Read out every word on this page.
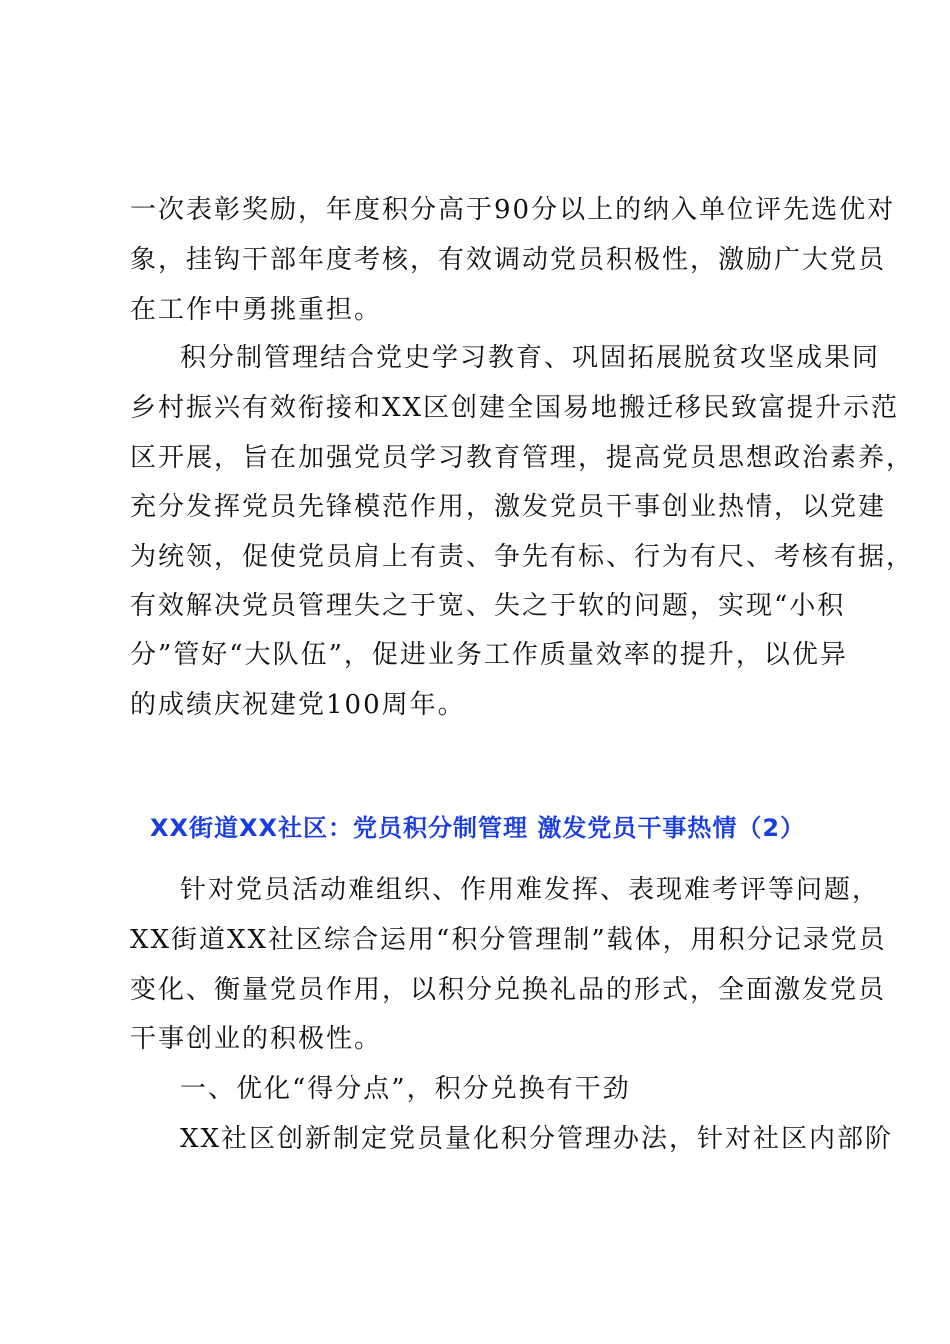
一次表彰奖励，年度积分高于90分以上的纳入单位评先选优对

象，挂钩干部年度考核，有效调动党员积极性，激励广大党员

在工作中勇挑重担。

积分制管理结合党史学习教育、巩固拓展脱贫攻坚成果同

乡村振兴有效衔接和XX区创建全国易地搬迁移民致富提升示范

区开展，旨在加强党员学习教育管理，提高党员思想政治素养，

充分发挥党员先锋模范作用，激发党员干事创业热情，以党建

为统领，促使党员肩上有责、争先有标、行为有尺、考核有据，

有效解决党员管理失之于宽、失之于软的问题，实现“小积

分”管好“大队伍”，促进业务工作质量效率的提升，以优异

的成绩庆祝建党100周年。

XX街道XX社区：党员积分制管理 激发党员干事热情（2）

针对党员活动难组织、作用难发挥、表现难考评等问题，

XX街道XX社区综合运用“积分管理制”载体，用积分记录党员

变化、衡量党员作用，以积分兑换礼品的形式，全面激发党员

干事创业的积极性。

一、优化“得分点”，积分兑换有干劲

XX社区创新制定党员量化积分管理办法，针对社区内部阶
